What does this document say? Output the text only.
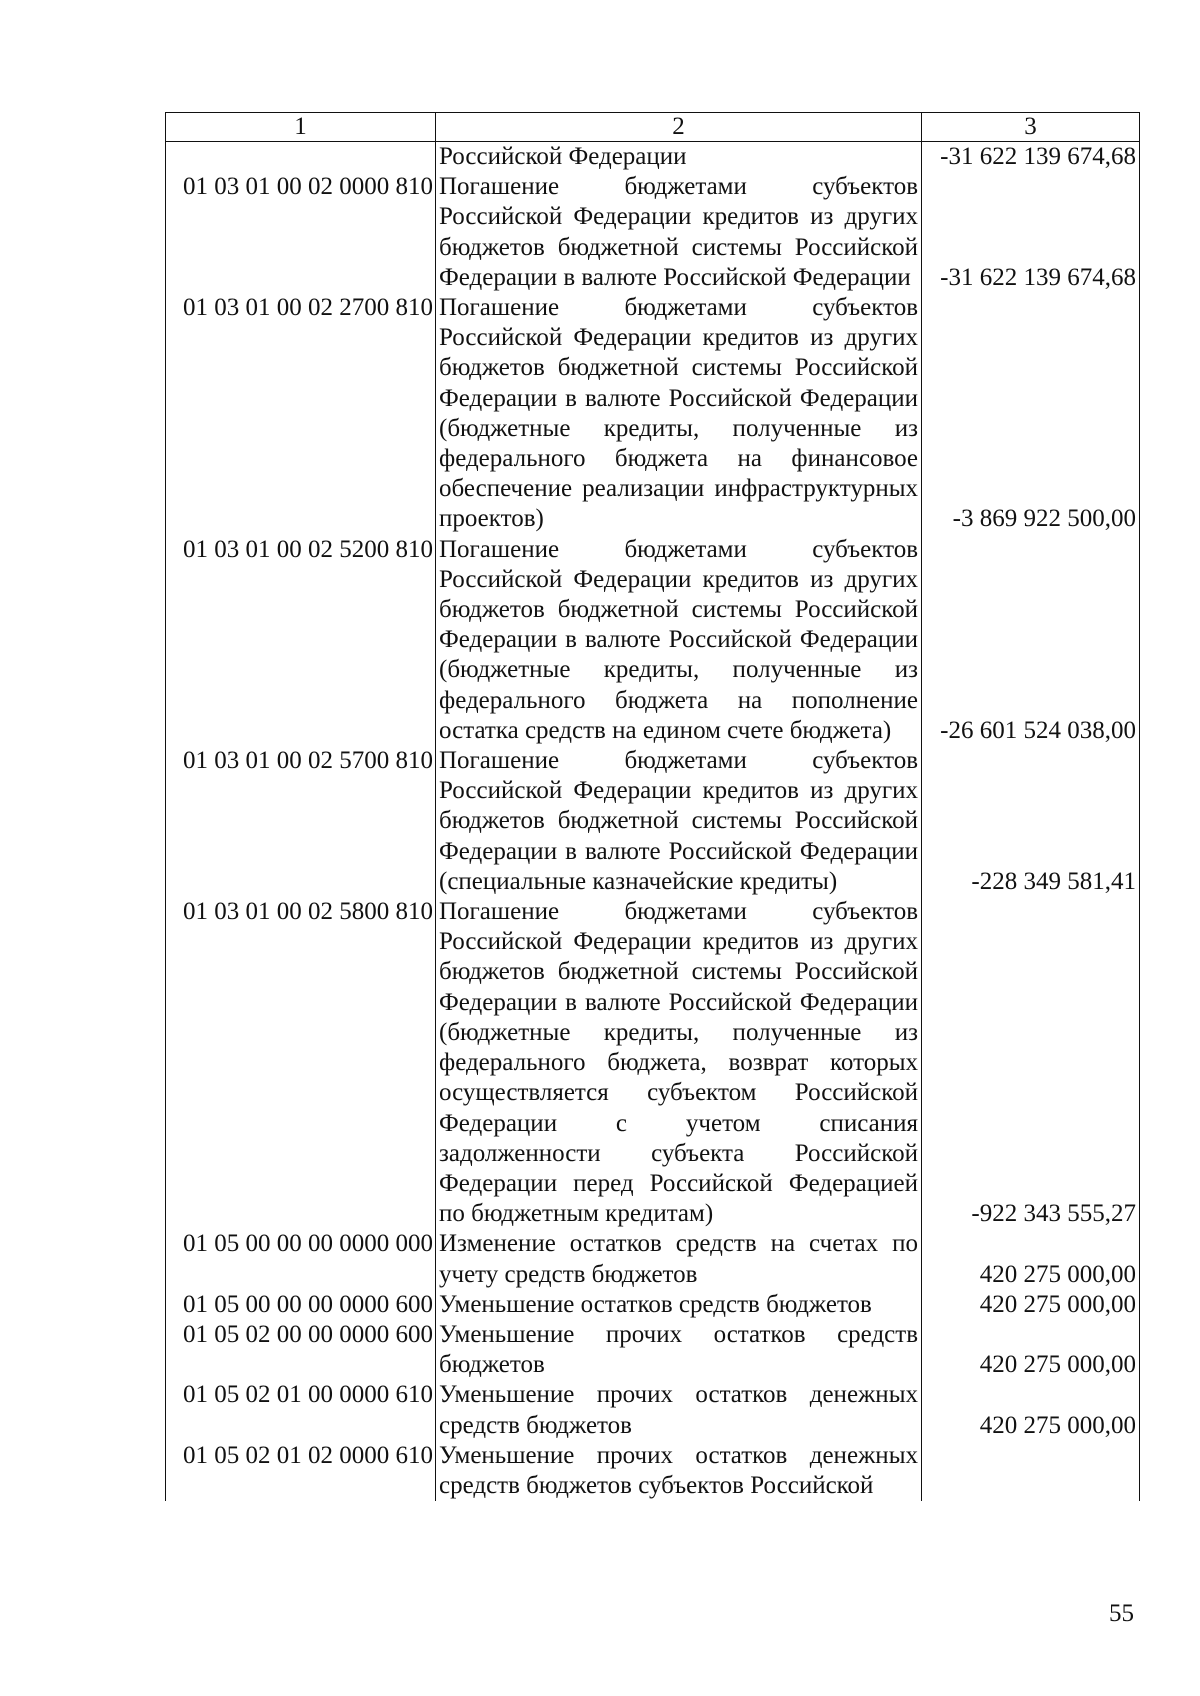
1	2	3
	Российской Федерации	-31 622 139 674,68
01 03 01 00 02 0000 810	Погашение бюджетами субъектов Российской Федерации кредитов из других бюджетов бюджетной системы Российской Федерации в валюте Российской Федерации	-31 622 139 674,68
01 03 01 00 02 2700 810	Погашение бюджетами субъектов Российской Федерации кредитов из других бюджетов бюджетной системы Российской Федерации в валюте Российской Федерации (бюджетные кредиты, полученные из федерального бюджета на финансовое обеспечение реализации инфраструктурных проектов)	-3 869 922 500,00
01 03 01 00 02 5200 810	Погашение бюджетами субъектов Российской Федерации кредитов из других бюджетов бюджетной системы Российской Федерации в валюте Российской Федерации (бюджетные кредиты, полученные из федерального бюджета на пополнение остатка средств на едином счете бюджета)	-26 601 524 038,00
01 03 01 00 02 5700 810	Погашение бюджетами субъектов Российской Федерации кредитов из других бюджетов бюджетной системы Российской Федерации в валюте Российской Федерации (специальные казначейские кредиты)	-228 349 581,41
01 03 01 00 02 5800 810	Погашение бюджетами субъектов Российской Федерации кредитов из других бюджетов бюджетной системы Российской Федерации в валюте Российской Федерации (бюджетные кредиты, полученные из федерального бюджета, возврат которых осуществляется субъектом Российской Федерации с учетом списания задолженности субъекта Российской Федерации перед Российской Федерацией по бюджетным кредитам)	-922 343 555,27
01 05 00 00 00 0000 000	Изменение остатков средств на счетах по учету средств бюджетов	420 275 000,00
01 05 00 00 00 0000 600	Уменьшение остатков средств бюджетов	420 275 000,00
01 05 02 00 00 0000 600	Уменьшение прочих остатков средств бюджетов	420 275 000,00
01 05 02 01 00 0000 610	Уменьшение прочих остатков денежных средств бюджетов	420 275 000,00
01 05 02 01 02 0000 610	Уменьшение прочих остатков денежных средств бюджетов субъектов Российской	
55
